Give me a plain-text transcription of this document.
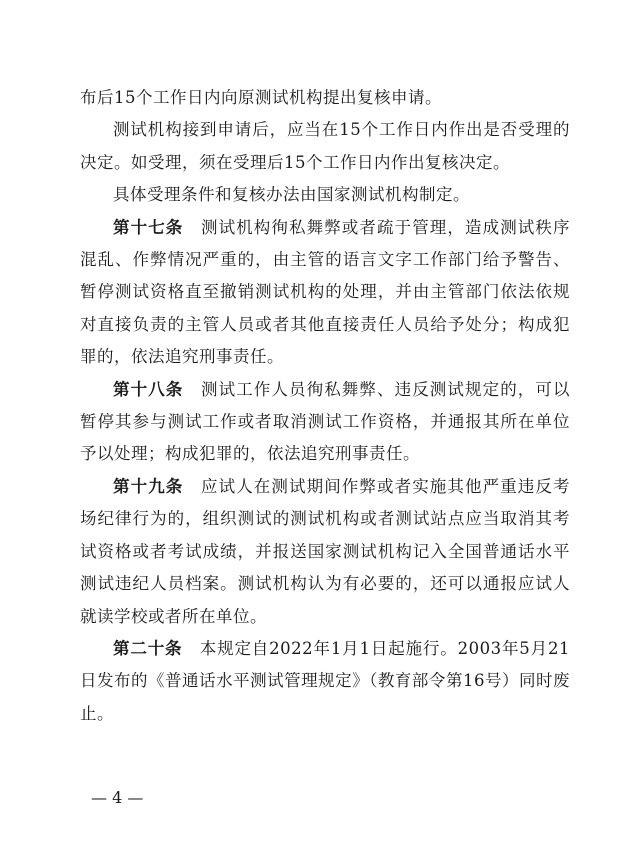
布后15个工作日内向原测试机构提出复核申请。

测试机构接到申请后，应当在15个工作日内作出是否受理的决定。如受理，须在受理后15个工作日内作出复核决定。

具体受理条件和复核办法由国家测试机构制定。

第十七条  测试机构徇私舞弊或者疏于管理，造成测试秩序混乱、作弊情况严重的，由主管的语言文字工作部门给予警告、暂停测试资格直至撤销测试机构的处理，并由主管部门依法依规对直接负责的主管人员或者其他直接责任人员给予处分；构成犯罪的，依法追究刑事责任。

第十八条  测试工作人员徇私舞弊、违反测试规定的，可以暂停其参与测试工作或者取消测试工作资格，并通报其所在单位予以处理；构成犯罪的，依法追究刑事责任。

第十九条  应试人在测试期间作弊或者实施其他严重违反考场纪律行为的，组织测试的测试机构或者测试站点应当取消其考试资格或者考试成绩，并报送国家测试机构记入全国普通话水平测试违纪人员档案。测试机构认为有必要的，还可以通报应试人就读学校或者所在单位。

第二十条  本规定自2022年1月1日起施行。2003年5月21日发布的《普通话水平测试管理规定》（教育部令第16号）同时废止。

— 4 —
